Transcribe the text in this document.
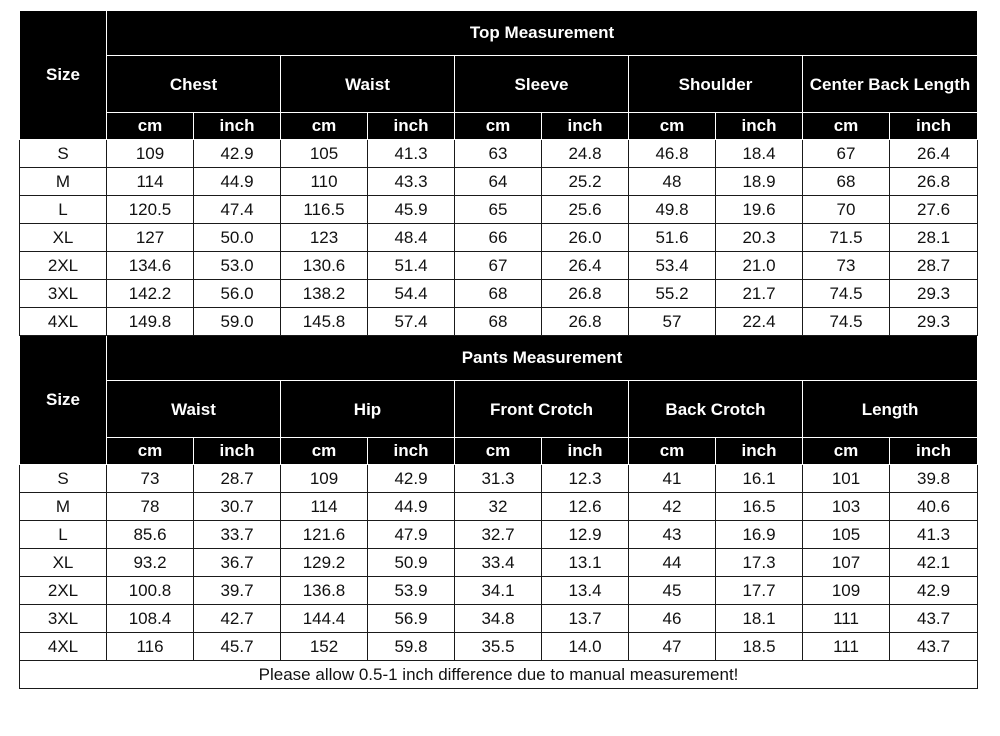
Size	Top Measurement									
	Chest		Waist		Sleeve		Shoulder		Center Back Length	
	cm	inch	cm	inch	cm	inch	cm	inch	cm	inch
S	109	42.9	105	41.3	63	24.8	46.8	18.4	67	26.4
M	114	44.9	110	43.3	64	25.2	48	18.9	68	26.8
L	120.5	47.4	116.5	45.9	65	25.6	49.8	19.6	70	27.6
XL	127	50.0	123	48.4	66	26.0	51.6	20.3	71.5	28.1
2XL	134.6	53.0	130.6	51.4	67	26.4	53.4	21.0	73	28.7
3XL	142.2	56.0	138.2	54.4	68	26.8	55.2	21.7	74.5	29.3
4XL	149.8	59.0	145.8	57.4	68	26.8	57	22.4	74.5	29.3
Size	Pants Measurement									
	Waist		Hip		Front Crotch		Back Crotch		Length	
	cm	inch	cm	inch	cm	inch	cm	inch	cm	inch
S	73	28.7	109	42.9	31.3	12.3	41	16.1	101	39.8
M	78	30.7	114	44.9	32	12.6	42	16.5	103	40.6
L	85.6	33.7	121.6	47.9	32.7	12.9	43	16.9	105	41.3
XL	93.2	36.7	129.2	50.9	33.4	13.1	44	17.3	107	42.1
2XL	100.8	39.7	136.8	53.9	34.1	13.4	45	17.7	109	42.9
3XL	108.4	42.7	144.4	56.9	34.8	13.7	46	18.1	111	43.7
4XL	116	45.7	152	59.8	35.5	14.0	47	18.5	111	43.7
Please allow 0.5-1 inch difference due to manual measurement!										
